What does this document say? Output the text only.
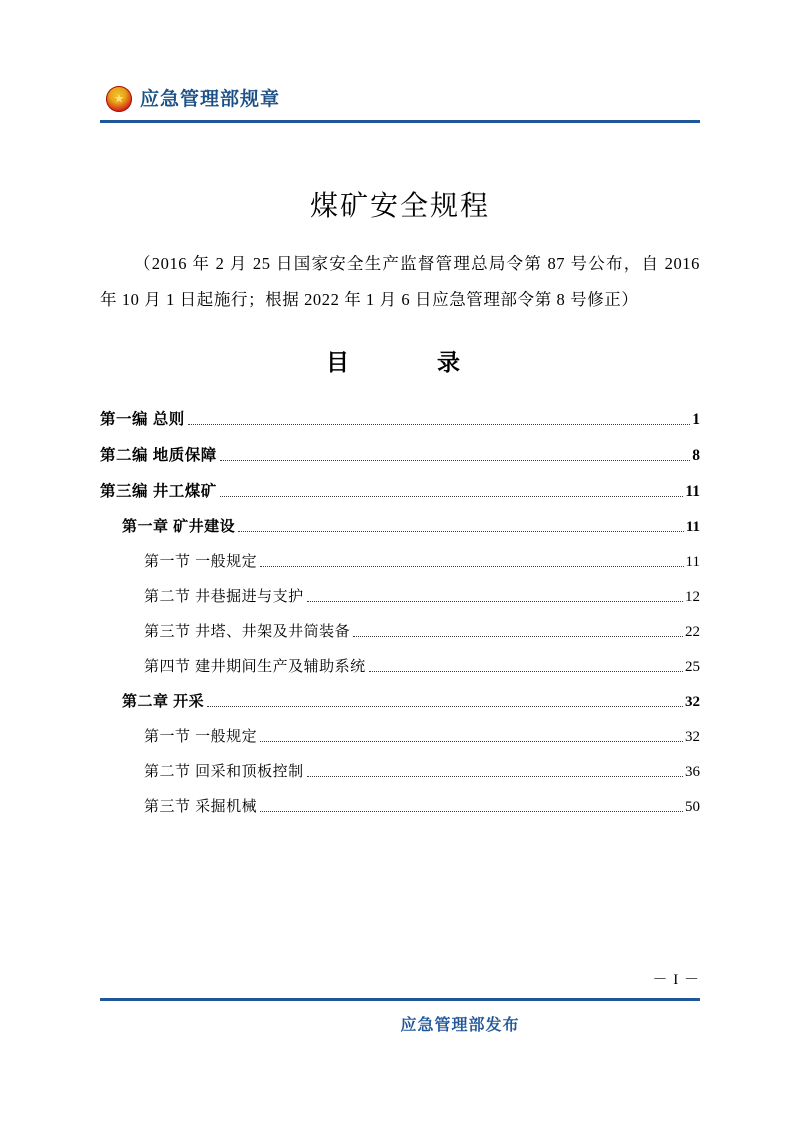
★
应急管理部规章
煤矿安全规程
（2016 年 2 月 25 日国家安全生产监督管理总局令第 87 号公布，自 2016 年 10 月 1 日起施行；根据 2022 年 1 月 6 日应急管理部令第 8 号修正）
目　　录
第一编 总则	1
第二编 地质保障	8
第三编 井工煤矿	11
第一章 矿井建设	11
第一节 一般规定	11
第二节 井巷掘进与支护	12
第三节 井塔、井架及井筒装备	22
第四节 建井期间生产及辅助系统	25
第二章 开采	32
第一节 一般规定	32
第二节 回采和顶板控制	36
第三节 采掘机械	50
－ I －
应急管理部发布
